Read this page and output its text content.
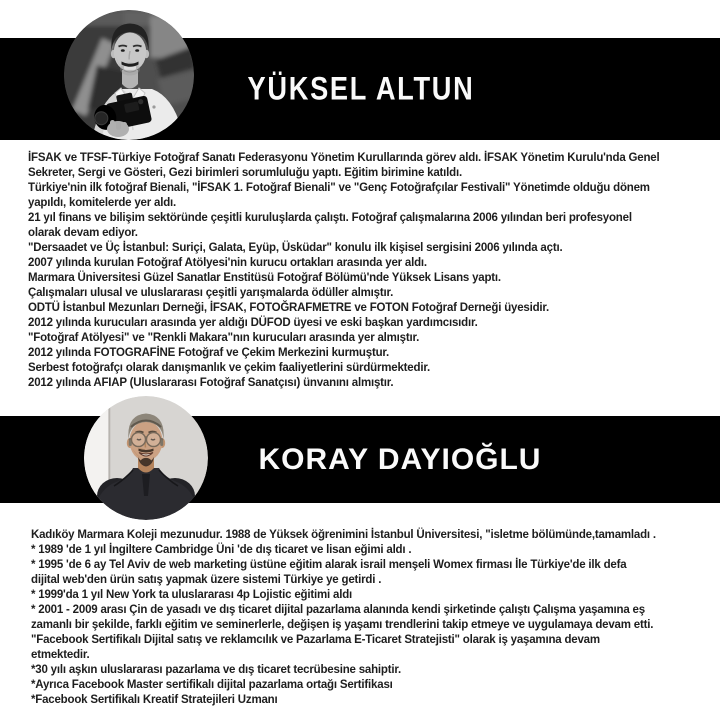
YÜKSEL ALTUN
İFSAK ve TFSF-Türkiye Fotoğraf Sanatı Federasyonu Yönetim Kurullarında görev aldı. İFSAK Yönetim Kurulu'nda Genel
Sekreter, Sergi ve Gösteri, Gezi birimleri sorumluluğu yaptı. Eğitim birimine katıldı.
Türkiye'nin ilk fotoğraf Bienali, "İFSAK 1. Fotoğraf Bienali" ve "Genç Fotoğrafçılar Festivali" Yönetimde olduğu dönem
yapıldı, komitelerde yer aldı.
21 yıl finans ve bilişim sektöründe çeşitli kuruluşlarda çalıştı. Fotoğraf çalışmalarına 2006 yılından beri profesyonel
olarak devam ediyor.
"Dersaadet ve Üç İstanbul: Suriçi, Galata, Eyüp, Üsküdar" konulu ilk kişisel sergisini 2006 yılında açtı.
2007 yılında kurulan Fotoğraf Atölyesi'nin kurucu ortakları arasında yer aldı.
Marmara Üniversitesi Güzel Sanatlar Enstitüsü Fotoğraf Bölümü'nde Yüksek Lisans yaptı.
Çalışmaları ulusal ve uluslararası çeşitli yarışmalarda ödüller almıştır.
ODTÜ İstanbul Mezunları Derneği, İFSAK, FOTOĞRAFMETRE ve FOTON Fotoğraf Derneği üyesidir.
2012 yılında kurucuları arasında yer aldığı DÜFOD üyesi ve eski başkan yardımcısıdır.
"Fotoğraf Atölyesi" ve "Renkli Makara"nın kurucuları arasında yer almıştır.
2012 yılında FOTOGRAFİNE Fotoğraf ve Çekim Merkezini kurmuştur.
Serbest fotoğrafçı olarak danışmanlık ve çekim faaliyetlerini sürdürmektedir.
2012 yılında AFIAP (Uluslararası Fotoğraf Sanatçısı) ünvanını almıştır.
KORAY DAYIOĞLU
Kadıköy Marmara Koleji mezunudur. 1988 de Yüksek öğrenimini İstanbul Üniversitesi, "isletme bölümünde,tamamladı .
* 1989 'de 1 yıl İngiltere Cambridge Üni 'de dış ticaret ve lisan eğimi aldı .
* 1995 'de 6 ay Tel Aviv de web marketing üstüne eğitim alarak israil menşeli Womex firması İle Türkiye'de ilk defa
dijital web'den ürün satış yapmak üzere sistemi Türkiye ye getirdi .
* 1999'da 1 yıl New York ta uluslararası 4p Lojistic eğitimi aldı
* 2001 - 2009 arası Çin de yasadı ve dış ticaret dijital pazarlama alanında kendi şirketinde çalıştı Çalışma yaşamına eş
zamanlı bir şekilde, farklı eğitim ve seminerlerle, değişen iş yaşamı trendlerini takip etmeye ve uygulamaya devam etti.
"Facebook Sertifikalı Dijital satış ve reklamcılık ve Pazarlama E-Ticaret Stratejisti" olarak iş yaşamına devam
etmektedir.
*30 yılı aşkın uluslararası pazarlama ve dış ticaret tecrübesine sahiptir.
*Ayrıca Facebook Master sertifikalı dijital pazarlama ortağı Sertifikası
*Facebook Sertifikalı Kreatif Stratejileri Uzmanı
